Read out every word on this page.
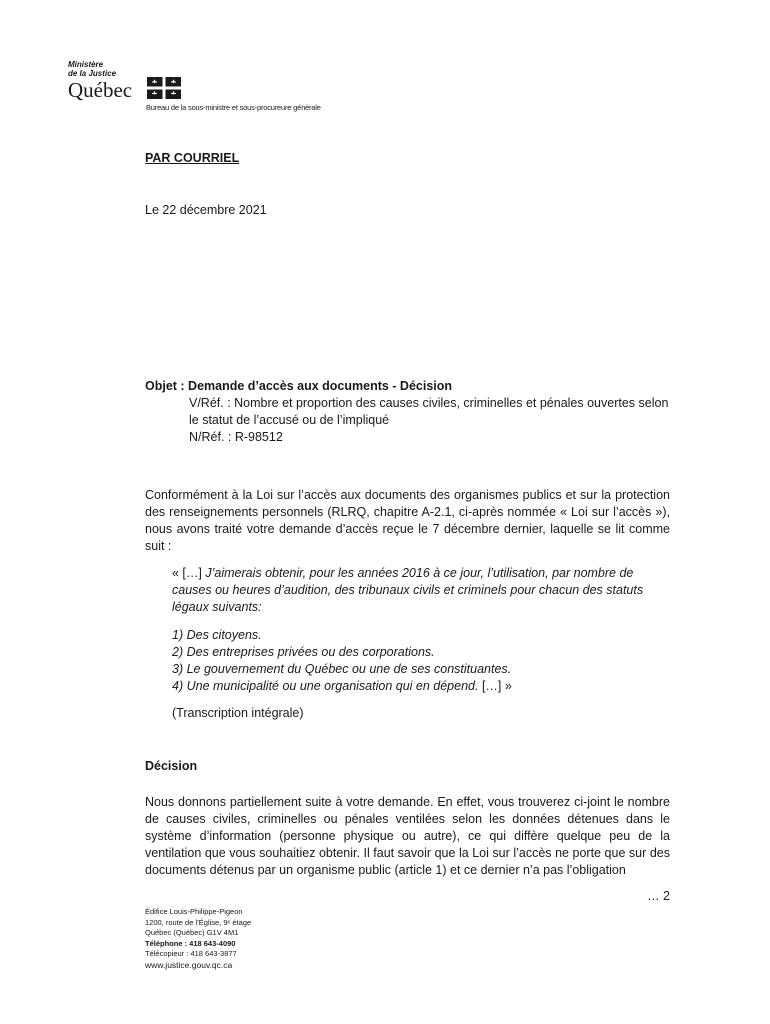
Ministère
de la Justice
Québec
Bureau de la sous-ministre et sous-procureure générale
PAR COURRIEL
Le 22 décembre 2021
Objet : Demande d’accès aux documents - Décision
V/Réf. : Nombre et proportion des causes civiles, criminelles et pénales ouvertes selon le statut de l’accusé ou de l’impliqué
N/Réf. : R-98512
Conformément à la Loi sur l’accès aux documents des organismes publics et sur la protection des renseignements personnels (RLRQ, chapitre A-2.1, ci-après nommée « Loi sur l’accès »), nous avons traité votre demande d’accès reçue le 7 décembre dernier, laquelle se lit comme suit :
« […] J’aimerais obtenir, pour les années 2016 à ce jour, l’utilisation, par nombre de causes ou heures d’audition, des tribunaux civils et criminels pour chacun des statuts légaux suivants:
1) Des citoyens.
2) Des entreprises privées ou des corporations.
3) Le gouvernement du Québec ou une de ses constituantes.
4) Une municipalité ou une organisation qui en dépend. […] »
(Transcription intégrale)
Décision
Nous donnons partiellement suite à votre demande. En effet, vous trouverez ci-joint le nombre de causes civiles, criminelles ou pénales ventilées selon les données détenues dans le système d’information (personne physique ou autre), ce qui diffère quelque peu de la ventilation que vous souhaitiez obtenir. Il faut savoir que la Loi sur l’accès ne porte que sur des documents détenus par un organisme public (article 1) et ce dernier n’a pas l’obligation
… 2
Édifice Louis-Philippe-Pigeon
1200, route de l’Église, 9ᵉ étage
Québec (Québec) G1V 4M1
Téléphone : 418 643-4090
Télécopieur : 418 643-3877
www.justice.gouv.qc.ca
